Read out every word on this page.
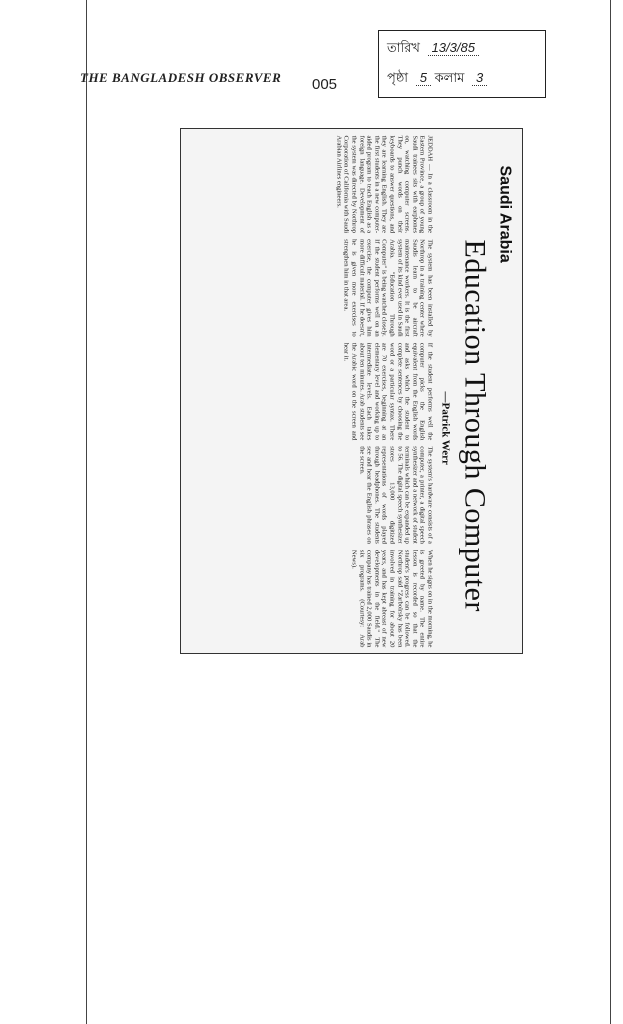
THE BANGLADESH OBSERVER 005
তারিখ 13/3/85
পৃষ্ঠা 5 কলাম 3
Saudi Arabia
Education Through Computer
—Patrick Werr

JEDDAH — In a classroom in the Eastern Province, a group of young Saudi trainees sits with earphones on, watching computer screens. They punch words on their keyboards to answer questions, and they are learning English. They are the first students in a new computer-aided program to teach English as a foreign language. Development of the system was directed by Northrop Corporation of California with Saudi Arabian Airlines engineers.

The system has been installed by Northrop in a training center where Saudis learn to be aircraft maintenance workers. It is the first system of its kind ever used in Saudi Arabia. "Education Through Computer" is being watched closely. If the student performs well on an exercise, the computer gives him more difficult material. If he doesn't, he is given more exercises to strengthen him in that area.

If the student performs well the computer picks the English equivalent from the English words and asks which the student to complete sentences by choosing the word or a particular syntax. There are 70 exercises, beginning at an elementary level and working up to intermediate levels. Each takes about ten minutes. Arab students see the Arabic word on the screen and hear it.

The system's hardware consists of a computer, a printer, a digital speech synthesizer and a network of student terminals which can be expanded up to 56. The digital speech synthesizer stores 13,000 digitized representations of words played through headphones. The students see and hear the English phrases on the screen.

When he signs on in the morning, he is greeted by name. The entire lesson is recorded so that the student's progress can be followed. Northrop said "Zarbolrsky has been involved in training for about 20 years, and has kept abreast of new developments in the field." The company has trained 2,000 Saudis in six programs. (Courtesy: Arab News).
